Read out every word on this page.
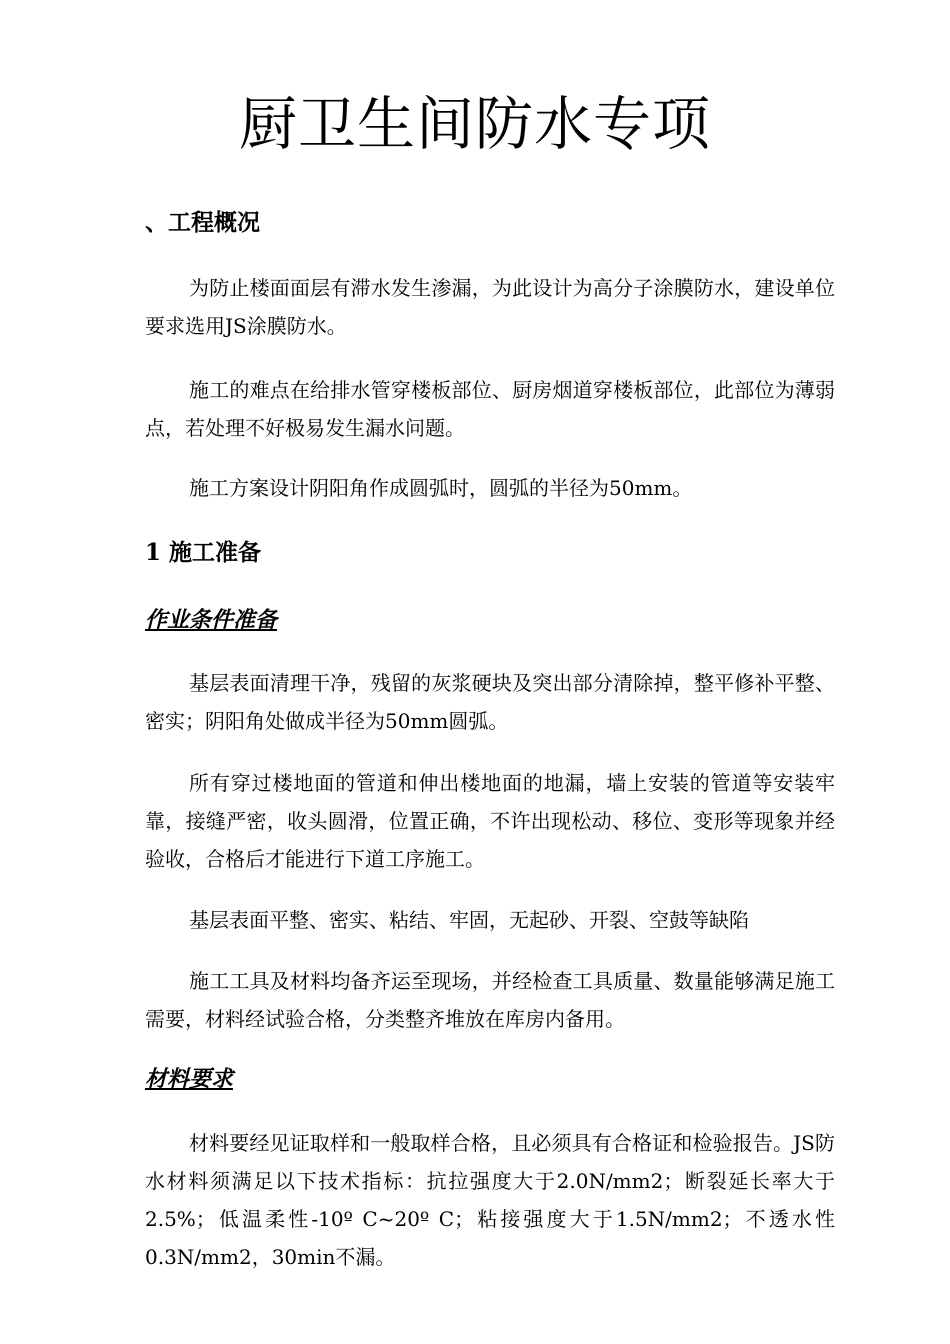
厨卫生间防水专项
、工程概况

为防止楼面面层有滞水发生渗漏，为此设计为高分子涂膜防水，建设单位要求选用JS涂膜防水。

施工的难点在给排水管穿楼板部位、厨房烟道穿楼板部位，此部位为薄弱点，若处理不好极易发生漏水问题。

施工方案设计阴阳角作成圆弧时，圆弧的半径为50mm。

1 施工准备
作业条件准备

基层表面清理干净，残留的灰浆硬块及突出部分清除掉，整平修补平整、密实；阴阳角处做成半径为50mm圆弧。

所有穿过楼地面的管道和伸出楼地面的地漏，墙上安装的管道等安装牢靠，接缝严密，收头圆滑，位置正确，不许出现松动、移位、变形等现象并经验收，合格后才能进行下道工序施工。

基层表面平整、密实、粘结、牢固，无起砂、开裂、空鼓等缺陷

施工工具及材料均备齐运至现场，并经检查工具质量、数量能够满足施工需要，材料经试验合格，分类整齐堆放在库房内备用。

材料要求

材料要经见证取样和一般取样合格，且必须具有合格证和检验报告。JS防水材料须满足以下技术指标：抗拉强度大于2.0N/mm2；断裂延长率大于2.5%；低温柔性-10º C~20º C；粘接强度大于1.5N/mm2；不透水性0.3N/mm2，30min不漏。
